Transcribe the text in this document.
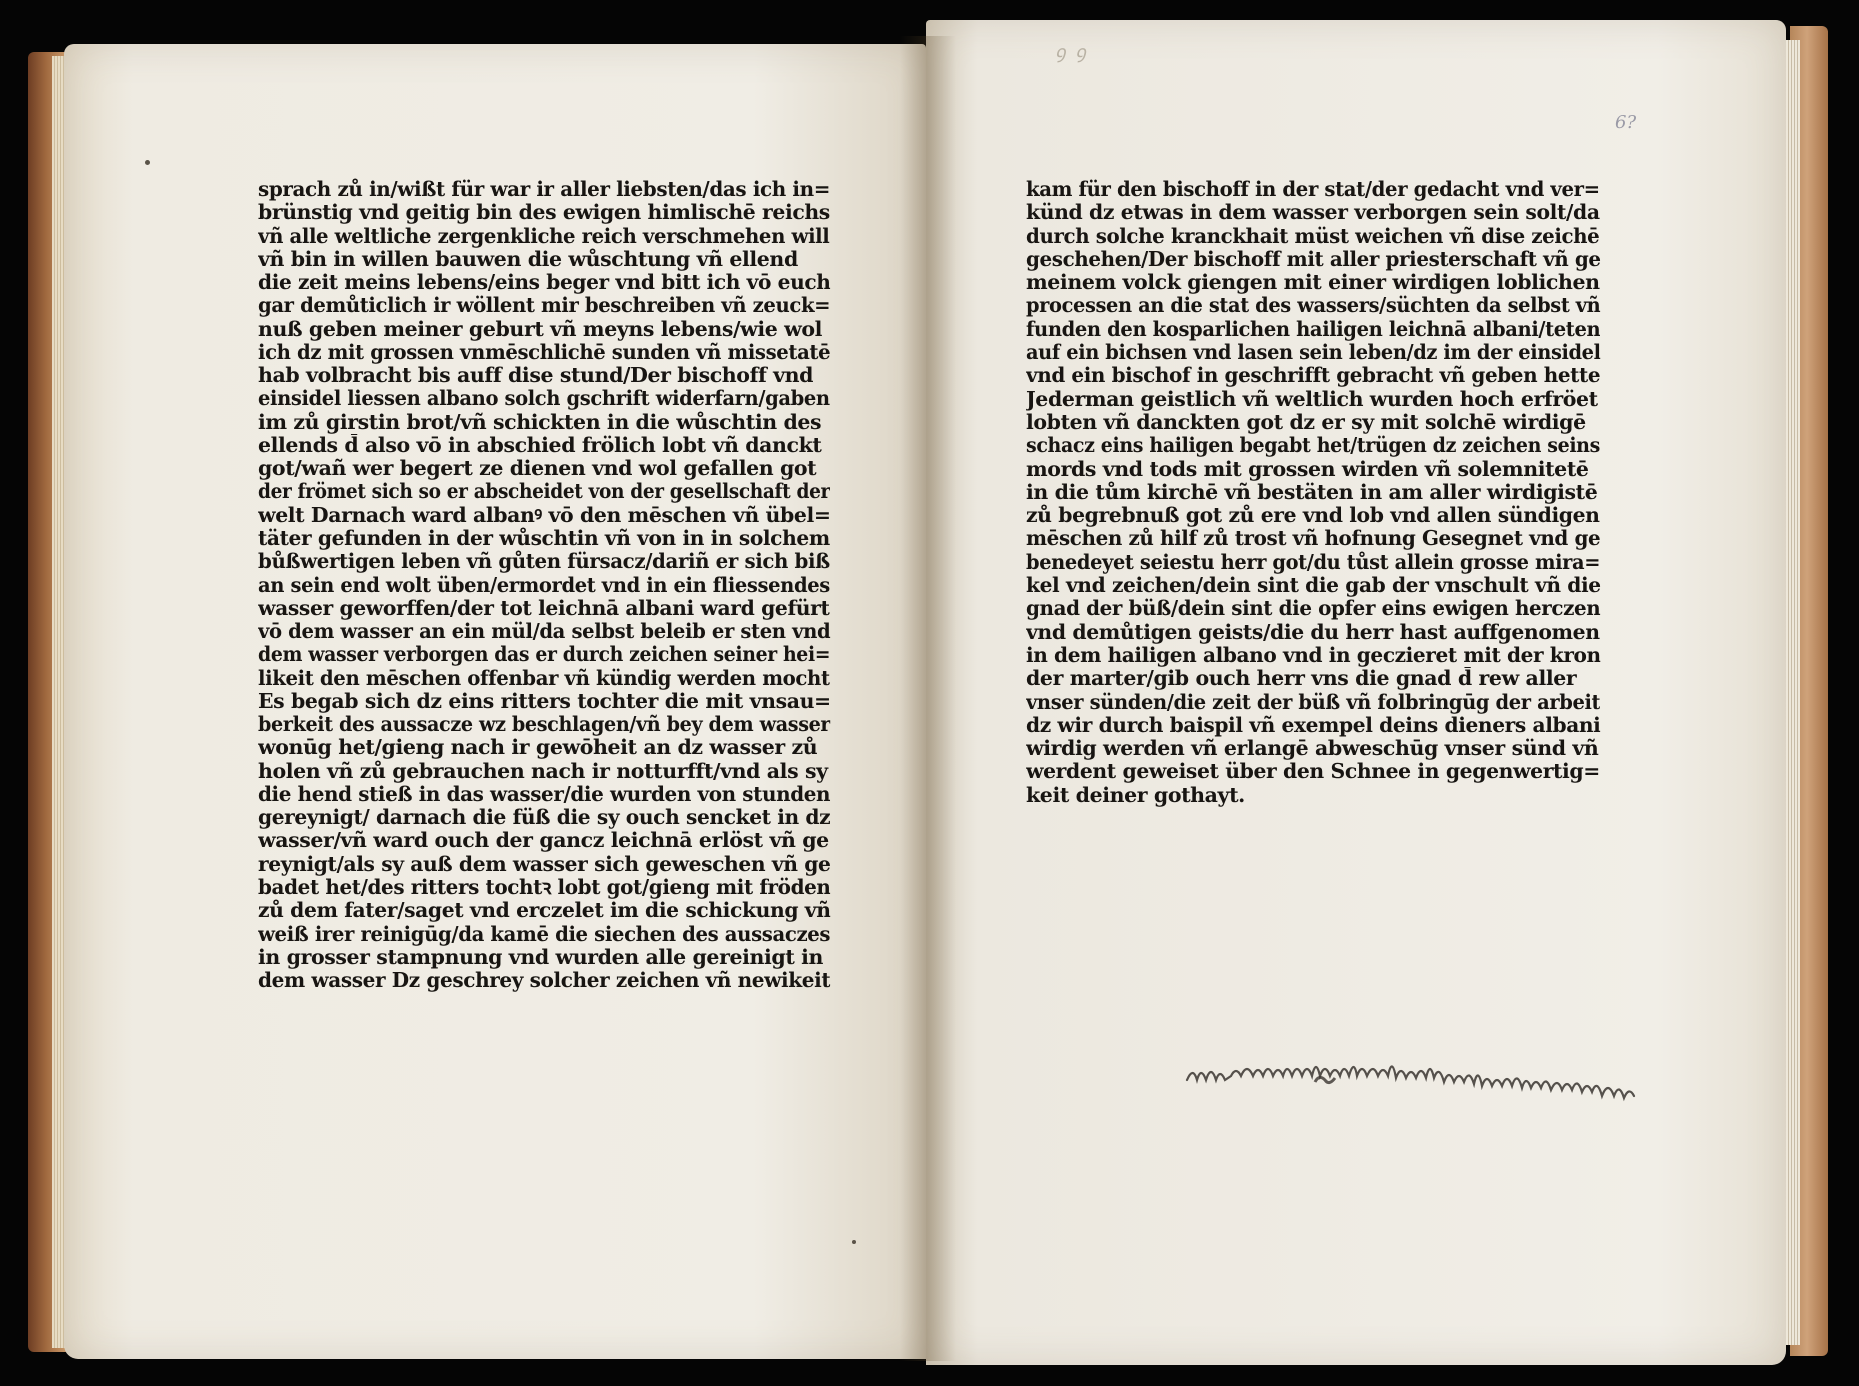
ꝯ ꝯ
6?
sprach zů in/wißt für war ir aller liebsten/das ich in=
brünstig vnd geitig bin des ewigen himlischē reichs
vñ alle weltliche zergenkliche reich verschmehen will
vñ bin in willen bauwen die wůschtung vñ ellend
die zeit meins lebens/eins beger vnd bitt ich vō euch
gar demůticlich ir wöllent mir beschreiben vñ zeuck=
nuß geben meiner geburt vñ meyns lebens/wie wol
ich dz mit grossen vnmēschlichē sunden vñ missetatē
hab volbracht bis auff dise stund/Der bischoff vnd
einsidel liessen albano solch gschrift widerfarn/gaben
im zů girstin brot/vñ schickten in die wůschtin des
ellends d̄ also vō in abschied frölich lobt vñ danckt
got/wañ wer begert ze dienen vnd wol gefallen got
der frömet sich so er abscheidet von der gesellschaft der
welt Darnach ward albanꝰ vō den mēschen vñ übel=
täter gefunden in der wůschtin vñ von in in solchem
bůßwertigen leben vñ gůten fürsacz/dariñ er sich biß
an sein end wolt üben/ermordet vnd in ein fliessendes
wasser geworffen/der tot leichnā albani ward gefürt
vō dem wasser an ein mül/da selbst beleib er sten vnd
dem wasser verborgen das er durch zeichen seiner hei=
likeit den mēschen offenbar vñ kündig werden mocht
Es begab sich dz eins ritters tochter die mit vnsau=
berkeit des aussacze wz beschlagen/vñ bey dem wasser
wonūg het/gieng nach ir gewōheit an dz wasser zů
holen vñ zů gebrauchen nach ir notturfft/vnd als sy
die hend stieß in das wasser/die wurden von stunden
gereynigt/ darnach die füß die sy ouch sencket in dz
wasser/vñ ward ouch der gancz leichnā erlöst vñ ge
reynigt/als sy auß dem wasser sich geweschen vñ ge
badet het/des ritters tochtꝛ lobt got/gieng mit fröden
zů dem fater/saget vnd erczelet im die schickung vñ
weiß irer reinigūg/da kamē die siechen des aussaczes
in grosser stampnung vnd wurden alle gereinigt in
dem wasser Dz geschrey solcher zeichen vñ newikeit
kam für den bischoff in der stat/der gedacht vnd ver=
künd dz etwas in dem wasser verborgen sein solt/da
durch solche kranckhait müst weichen vñ dise zeichē
geschehen/Der bischoff mit aller priesterschaft vñ ge
meinem volck giengen mit einer wirdigen loblichen
processen an die stat des wassers/süchten da selbst vñ
funden den kosparlichen hailigen leichnā albani/teten
auf ein bichsen vnd lasen sein leben/dz im der einsidel
vnd ein bischof in geschrifft gebracht vñ geben hette
Jederman geistlich vñ weltlich wurden hoch erfröet
lobten vñ danckten got dz er sy mit solchē wirdigē
schacz eins hailigen begabt het/trügen dz zeichen seins
mords vnd tods mit grossen wirden vñ solemnitetē
in die tům kirchē vñ bestäten in am aller wirdigistē
zů begrebnuß got zů ere vnd lob vnd allen sündigen
mēschen zů hilf zů trost vñ hofnung Gesegnet vnd ge
benedeyet seiestu herr got/du tůst allein grosse mira=
kel vnd zeichen/dein sint die gab der vnschult vñ die
gnad der büß/dein sint die opfer eins ewigen herczen
vnd demůtigen geists/die du herr hast auffgenomen
in dem hailigen albano vnd in geczieret mit der kron
der marter/gib ouch herr vns die gnad d̄ rew aller
vnser sünden/die zeit der büß vñ folbringūg der arbeit
dz wir durch baispil vñ exempel deins dieners albani
wirdig werden vñ erlangē abweschūg vnser sünd vñ
werdent geweiset über den Schnee in gegenwertig=
keit deiner gothayt.
